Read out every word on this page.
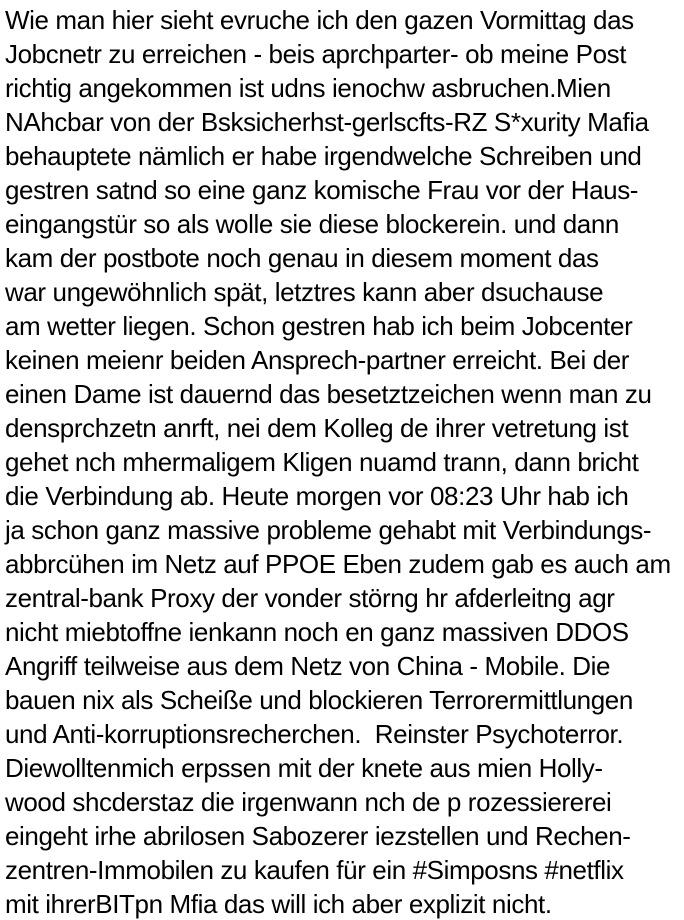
Wie man hier sieht evruche ich den gazen Vormittag das
Jobcnetr zu erreichen - beis aprchparter- ob meine Post
richtig angekommen ist udns ienochw asbruchen.Mien
NAhcbar von der Bsksicherhst-gerlscfts-RZ S*xurity Mafia
behauptete nämlich er habe irgendwelche Schreiben und
gestren satnd so eine ganz komische Frau vor der Haus-
eingangstür so als wolle sie diese blockerein. und dann
kam der postbote noch genau in diesem moment das
war ungewöhnlich spät, letztres kann aber dsuchause
am wetter liegen. Schon gestren hab ich beim Jobcenter
keinen meienr beiden Ansprech-partner erreicht. Bei der
einen Dame ist dauernd das besetztzeichen wenn man zu
densprchzetn anrft, nei dem Kolleg de ihrer vetretung ist
gehet nch mhermaligem Kligen nuamd trann, dann bricht
die Verbindung ab. Heute morgen vor 08:23 Uhr hab ich
ja schon ganz massive probleme gehabt mit Verbindungs-
abbrcühen im Netz auf PPOE Eben zudem gab es auch am
zentral-bank Proxy der vonder störng hr afderleitng agr
nicht miebtoffne ienkann noch en ganz massiven DDOS
Angriff teilweise aus dem Netz von China - Mobile. Die
bauen nix als Scheiße und blockieren Terrorermittlungen
und Anti-korruptionsrecherchen.  Reinster Psychoterror.
Diewolltenmich erpssen mit der knete aus mien Holly-
wood shcderstaz die irgenwann nch de p rozessiererei
eingeht irhe abrilosen Sabozerer iezstellen und Rechen-
zentren-Immobilen zu kaufen für ein #Simposns #netflix
mit ihrerBITpn Mfia das will ich aber explizit nicht.
